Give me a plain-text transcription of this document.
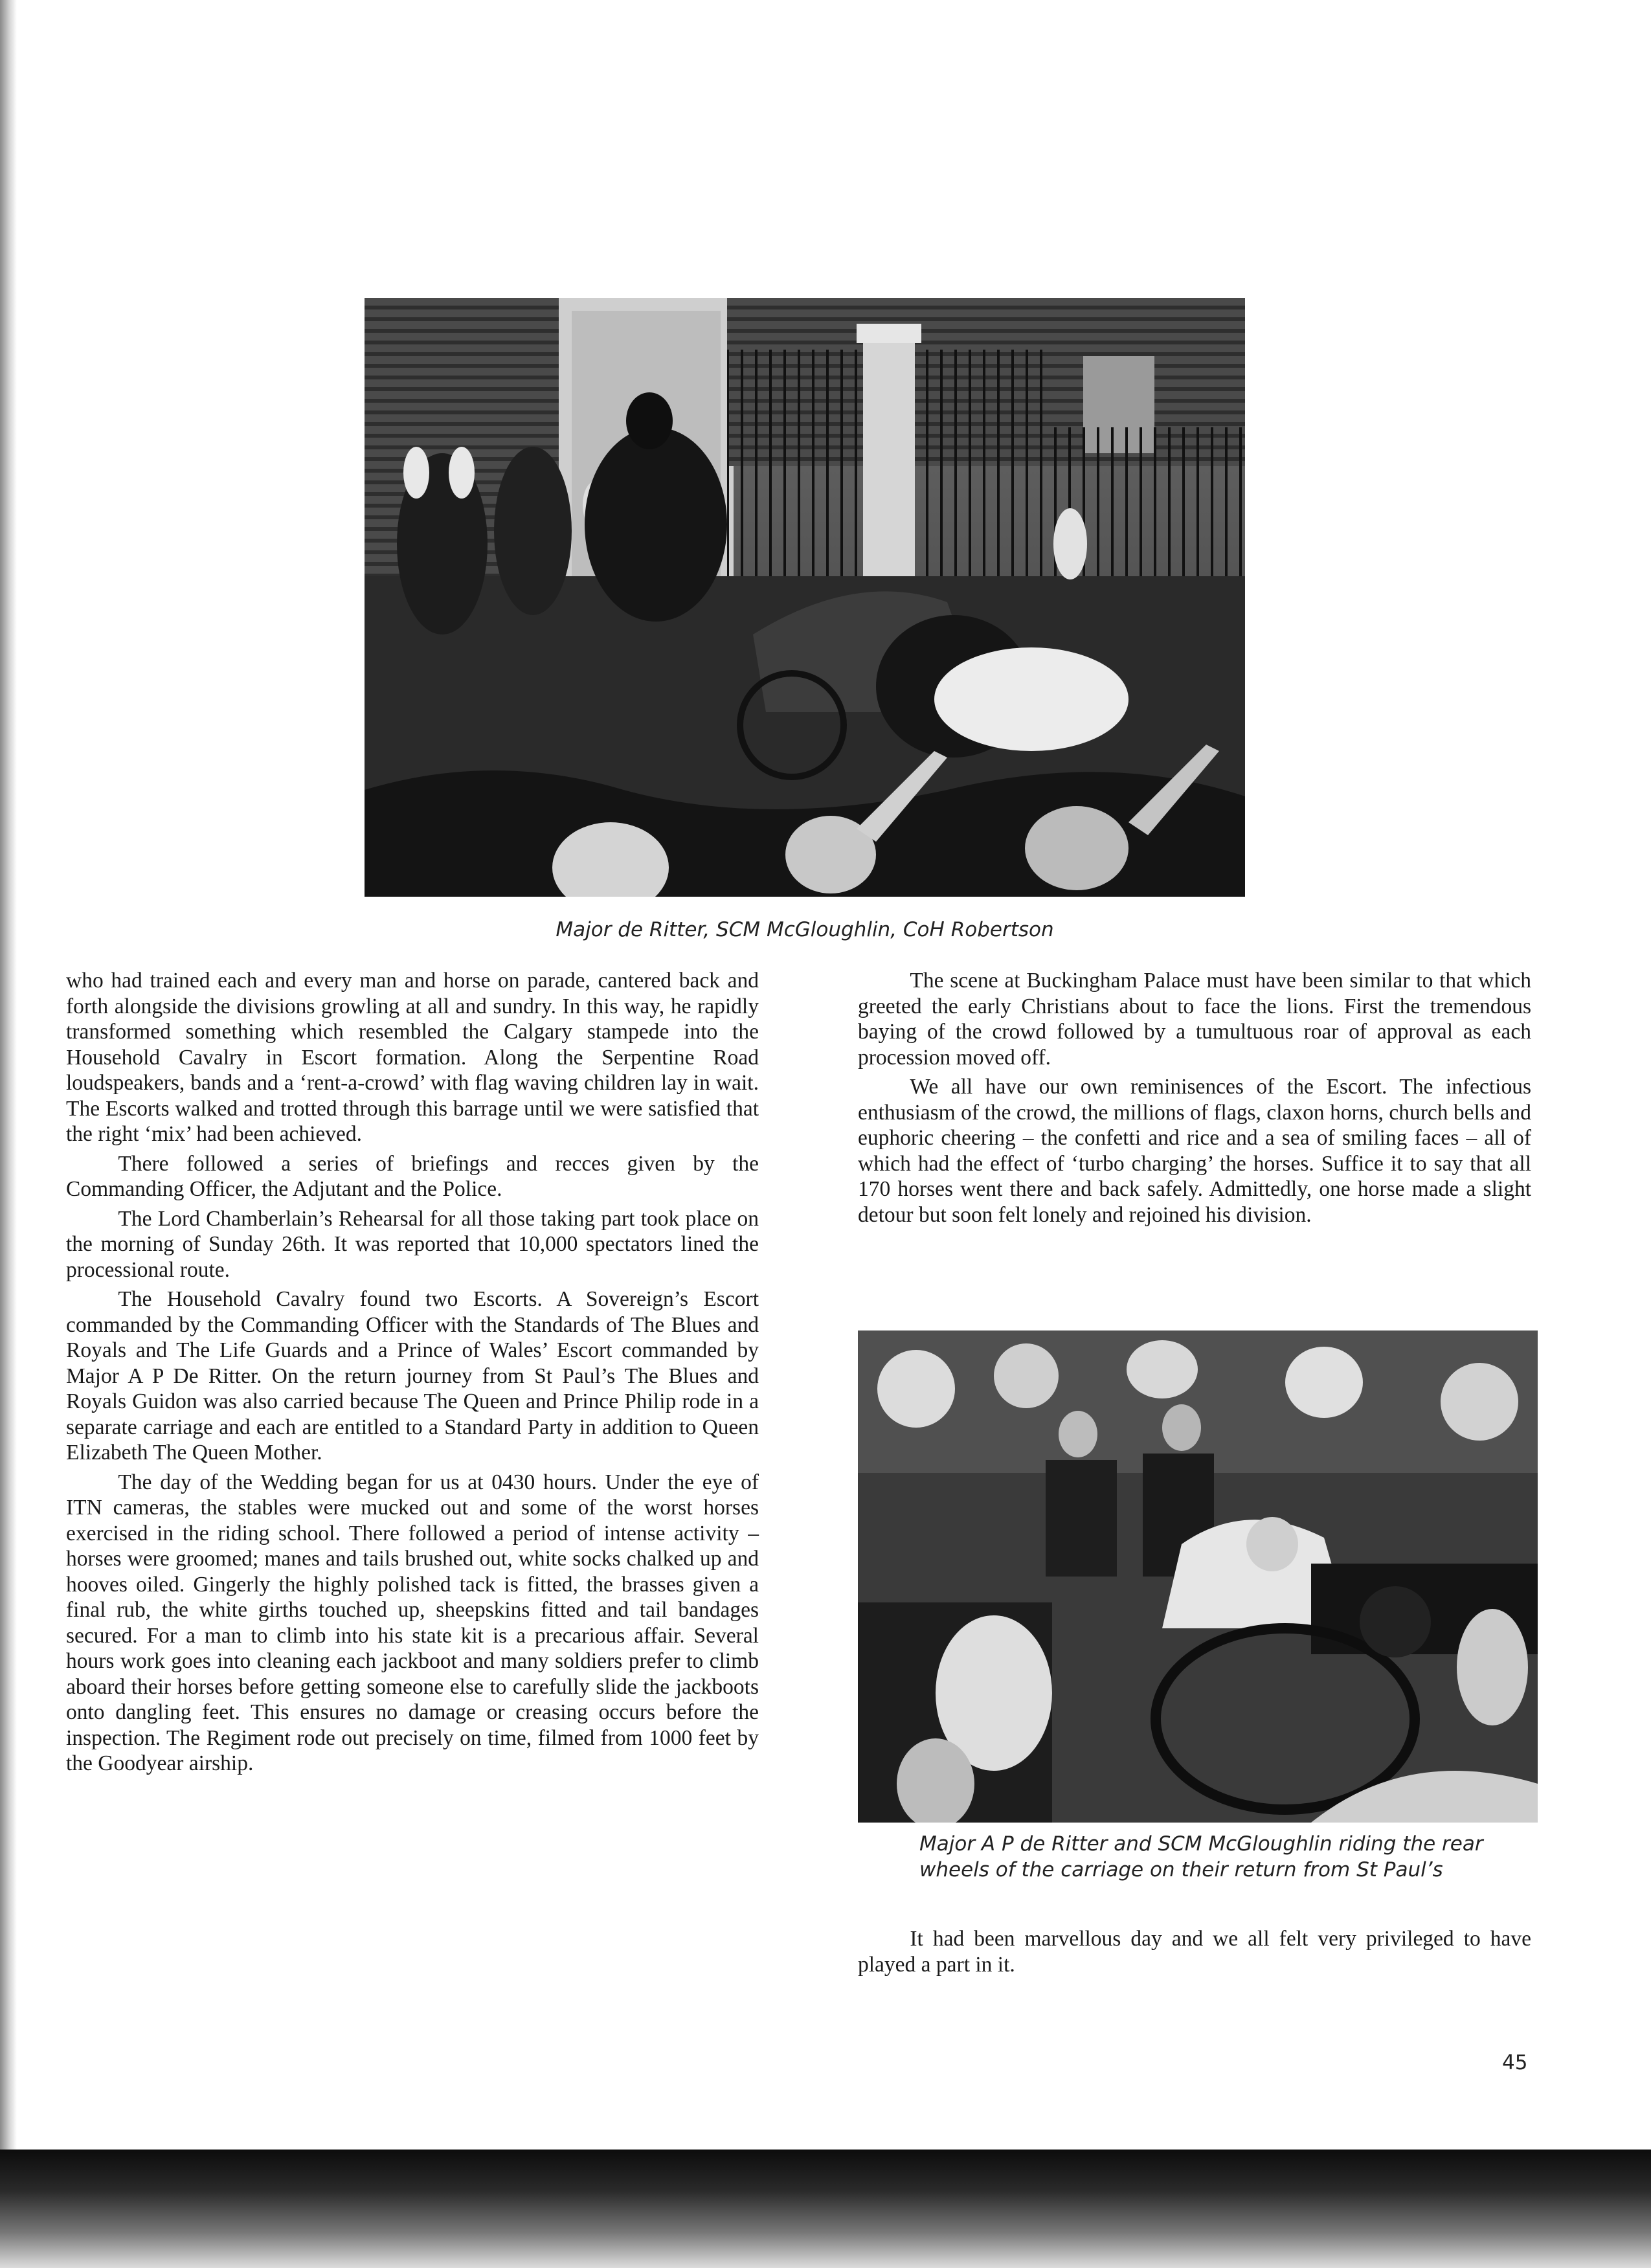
Major de Ritter, SCM McGloughlin, CoH Robertson

who had trained each and every man and horse on parade, cantered back and forth alongside the divisions growling at all and sundry. In this way, he rapidly transformed something which resembled the Calgary stampede into the Household Cavalry in Escort formation. Along the Serpentine Road loudspeakers, bands and a ‘rent-a-crowd’ with flag waving children lay in wait. The Escorts walked and trotted through this barrage until we were satisfied that the right ‘mix’ had been achieved.

There followed a series of briefings and recces given by the Commanding Officer, the Adjutant and the Police.

The Lord Chamberlain’s Rehearsal for all those taking part took place on the morning of Sunday 26th. It was reported that 10,000 spectators lined the processional route.

The Household Cavalry found two Escorts. A Sovereign’s Escort commanded by the Commanding Officer with the Standards of The Blues and Royals and The Life Guards and a Prince of Wales’ Escort commanded by Major A P De Ritter. On the return journey from St Paul’s The Blues and Royals Guidon was also carried because The Queen and Prince Philip rode in a separate carriage and each are entitled to a Standard Party in addition to Queen Elizabeth The Queen Mother.

The day of the Wedding began for us at 0430 hours. Under the eye of ITN cameras, the stables were mucked out and some of the worst horses exercised in the riding school. There followed a period of intense activity – horses were groomed; manes and tails brushed out, white socks chalked up and hooves oiled. Gingerly the highly polished tack is fitted, the brasses given a final rub, the white girths touched up, sheepskins fitted and tail bandages secured. For a man to climb into his state kit is a precarious affair. Several hours work goes into cleaning each jackboot and many soldiers prefer to climb aboard their horses before getting someone else to carefully slide the jackboots onto dangling feet. This ensures no damage or creasing occurs before the inspection. The Regiment rode out precisely on time, filmed from 1000 feet by the Goodyear airship.

The scene at Buckingham Palace must have been similar to that which greeted the early Christians about to face the lions. First the tremendous baying of the crowd followed by a tumultuous roar of approval as each procession moved off.

We all have our own reminisences of the Escort. The infectious enthusiasm of the crowd, the millions of flags, claxon horns, church bells and euphoric cheering – the confetti and rice and a sea of smiling faces – all of which had the effect of ‘turbo charging’ the horses. Suffice it to say that all 170 horses went there and back safely. Admittedly, one horse made a slight detour but soon felt lonely and rejoined his division.

Major A P de Ritter and SCM McGloughlin riding the rear wheels of the carriage on their return from St Paul’s

It had been marvellous day and we all felt very privileged to have played a part in it.

45
